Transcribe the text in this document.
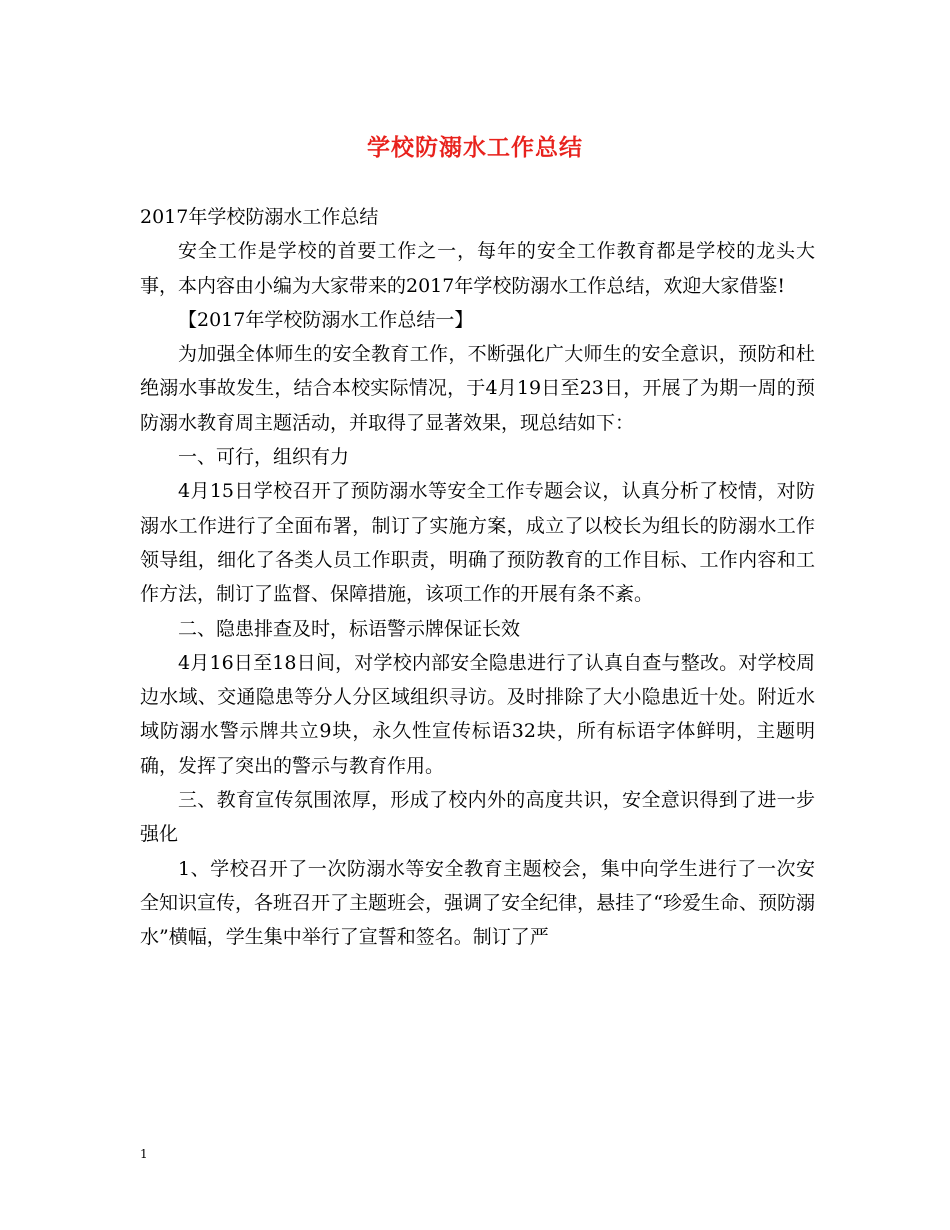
学校防溺水工作总结

2017年学校防溺水工作总结

安全工作是学校的首要工作之一，每年的安全工作教育都是学校的龙头大事，本内容由小编为大家带来的2017年学校防溺水工作总结，欢迎大家借鉴!

【2017年学校防溺水工作总结一】

为加强全体师生的安全教育工作，不断强化广大师生的安全意识，预防和杜绝溺水事故发生，结合本校实际情况，于4月19日至23日，开展了为期一周的预防溺水教育周主题活动，并取得了显著效果，现总结如下：

一、可行，组织有力

4月15日学校召开了预防溺水等安全工作专题会议，认真分析了校情，对防溺水工作进行了全面布署，制订了实施方案，成立了以校长为组长的防溺水工作领导组，细化了各类人员工作职责，明确了预防教育的工作目标、工作内容和工作方法，制订了监督、保障措施，该项工作的开展有条不紊。

二、隐患排查及时，标语警示牌保证长效

4月16日至18日间，对学校内部安全隐患进行了认真自查与整改。对学校周边水域、交通隐患等分人分区域组织寻访。及时排除了大小隐患近十处。附近水域防溺水警示牌共立9块，永久性宣传标语32块，所有标语字体鲜明，主题明确，发挥了突出的警示与教育作用。

三、教育宣传氛围浓厚，形成了校内外的高度共识，安全意识得到了进一步强化

1、学校召开了一次防溺水等安全教育主题校会，集中向学生进行了一次安全知识宣传，各班召开了主题班会，强调了安全纪律，悬挂了“珍爱生命、预防溺水”横幅，学生集中举行了宣誓和签名。制订了严

1
